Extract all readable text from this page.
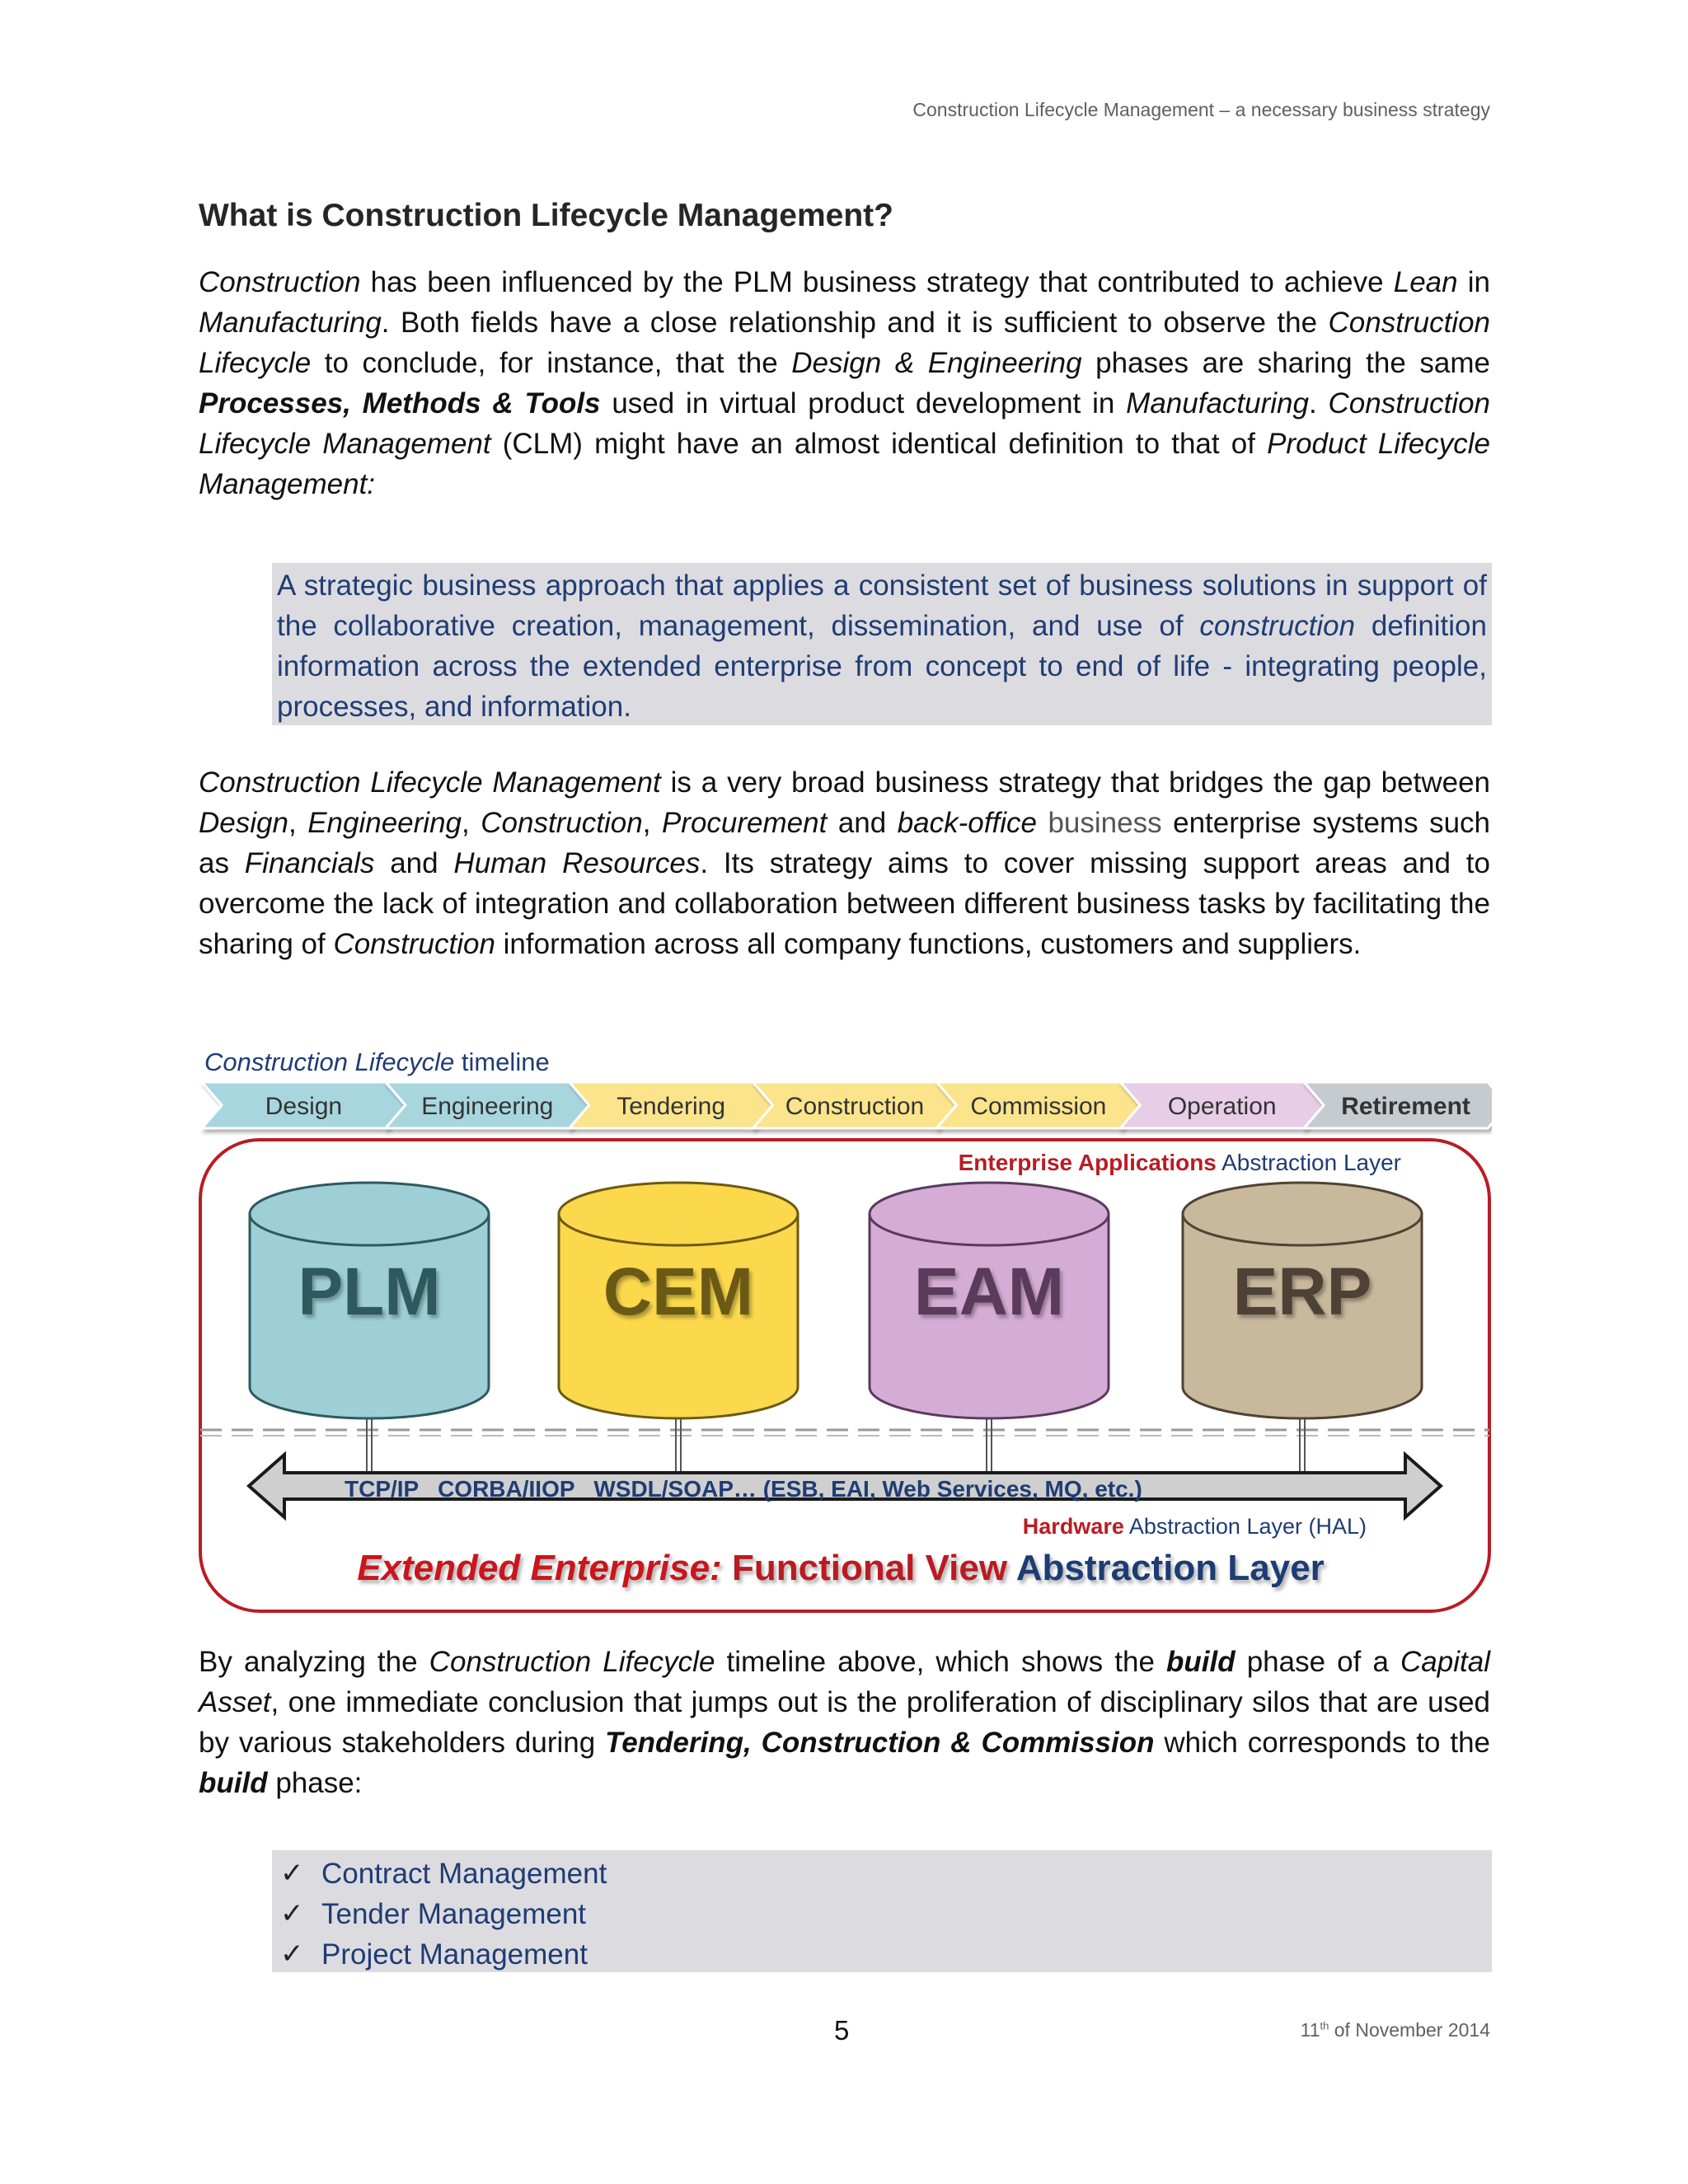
Construction Lifecycle Management – a necessary business strategy
What is Construction Lifecycle Management?

Construction has been influenced by the PLM business strategy that contributed to achieve Lean in Manufacturing. Both fields have a close relationship and it is sufficient to observe the Construction Lifecycle to conclude, for instance, that the Design & Engineering phases are sharing the same Processes, Methods & Tools used in virtual product development in Manufacturing. Construction Lifecycle Management (CLM) might have an almost identical definition to that of Product Lifecycle Management:

A strategic business approach that applies a consistent set of business solutions in support of the collaborative creation, management, dissemination, and use of construction definition information across the extended enterprise from concept to end of life - integrating people, processes, and information.

Construction Lifecycle Management is a very broad business strategy that bridges the gap between Design, Engineering, Construction, Procurement and back-office business enterprise systems such as Financials and Human Resources. Its strategy aims to cover missing support areas and to overcome the lack of integration and collaboration between different business tasks by facilitating the sharing of Construction information across all company functions, customers and suppliers.

Construction Lifecycle timeline
Design	Engineering	Tendering Construction Commission Operation	Retirement
Enterprise Applications Abstraction Layer
PLM CEM EAM ERP
TCP/IP   CORBA/IIOP   WSDL/SOAP… (ESB, EAI, Web Services, MQ, etc.)
Hardware Abstraction Layer (HAL)
Extended Enterprise: Functional View Abstraction Layer

By analyzing the Construction Lifecycle timeline above, which shows the build phase of a Capital Asset, one immediate conclusion that jumps out is the proliferation of disciplinary silos that are used by various stakeholders during Tendering, Construction & Commission which corresponds to the build phase:

✓ Contract Management
✓ Tender Management
✓ Project Management
5	11th of November 2014
